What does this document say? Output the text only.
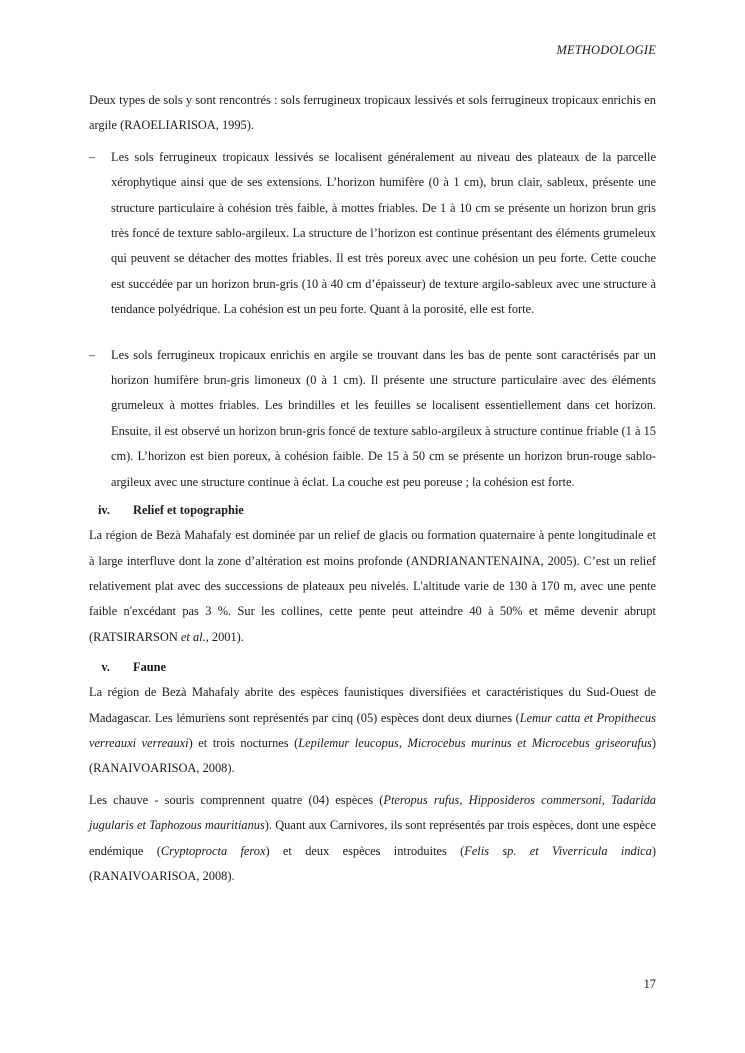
METHODOLOGIE

Deux types de sols y sont rencontrés : sols ferrugineux tropicaux lessivés et sols ferrugineux tropicaux enrichis en argile (RAOELIARISOA, 1995).

– Les sols ferrugineux tropicaux lessivés se localisent généralement au niveau des plateaux de la parcelle xérophytique ainsi que de ses extensions. L’horizon humifère (0 à 1 cm), brun clair, sableux, présente une structure particulaire à cohésion très faible, à mottes friables. De 1 à 10 cm se présente un horizon brun gris très foncé de texture sablo-argileux. La structure de l’horizon est continue présentant des éléments grumeleux qui peuvent se détacher des mottes friables. Il est très poreux avec une cohésion un peu forte. Cette couche est succédée par un horizon brun-gris (10 à 40 cm d’épaisseur) de texture argilo-sableux avec une structure à tendance polyédrique. La cohésion est un peu forte. Quant à la porosité, elle est forte.

– Les sols ferrugineux tropicaux enrichis en argile se trouvant dans les bas de pente sont caractérisés par un horizon humifère brun-gris limoneux (0 à 1 cm). Il présente une structure particulaire avec des éléments grumeleux à mottes friables. Les brindilles et les feuilles se localisent essentiellement dans cet horizon. Ensuite, il est observé un horizon brun-gris foncé de texture sablo-argileux à structure continue friable (1 à 15 cm). L’horizon est bien poreux, à cohésion faible. De 15 à 50 cm se présente un horizon brun-rouge sablo-argileux avec une structure continue à éclat. La couche est peu poreuse ; la cohésion est forte.

iv. Relief et topographie

La région de Bezà Mahafaly est dominée par un relief de glacis ou formation quaternaire à pente longitudinale et à large interfluve dont la zone d’altération est moins profonde (ANDRIANANTENAINA, 2005). C’est un relief relativement plat avec des successions de plateaux peu nivelés. L'altitude varie de 130 à 170 m, avec une pente faible n'excédant pas 3 %. Sur les collines, cette pente peut atteindre 40 à 50% et même devenir abrupt (RATSIRARSON et al., 2001).

v. Faune

La région de Bezà Mahafaly abrite des espèces faunistiques diversifiées et caractéristiques du Sud-Ouest de Madagascar. Les lémuriens sont représentés par cinq (05) espèces dont deux diurnes (Lemur catta et Propithecus verreauxi verreauxi) et trois nocturnes (Lepilemur leucopus, Microcebus murinus et Microcebus griseorufus) (RANAIVOARISOA, 2008).

Les chauve - souris comprennent quatre (04) espèces (Pteropus rufus, Hipposideros commersoni, Tadarida jugularis et Taphozous mauritianus). Quant aux Carnivores, ils sont représentés par trois espèces, dont une espèce endémique (Cryptoprocta ferox) et deux espèces introduites (Felis sp. et Viverricula indica) (RANAIVOARISOA, 2008).

17
